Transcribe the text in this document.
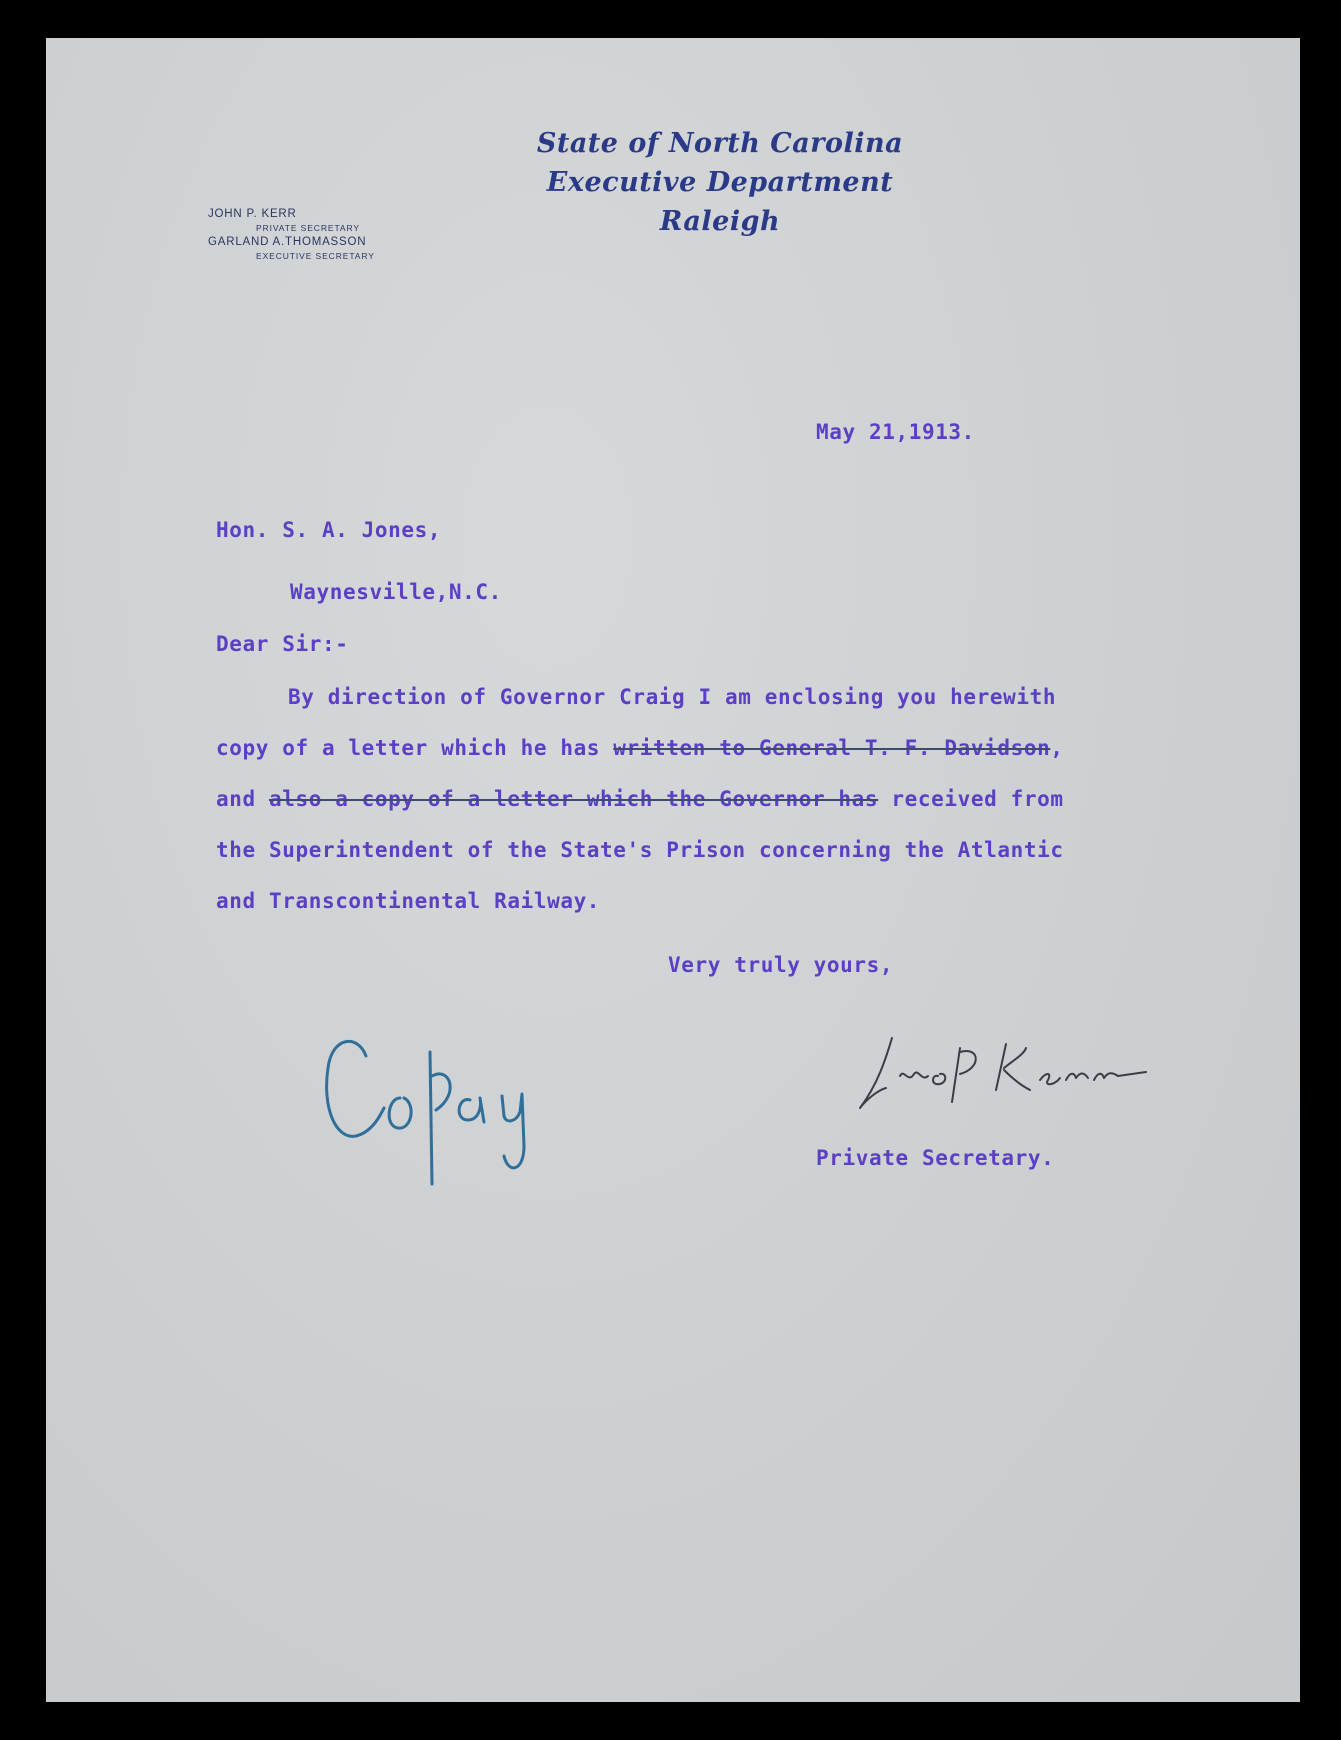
State of North Carolina
Executive Department
Raleigh
JOHN P. KERR
PRIVATE SECRETARY
GARLAND A.THOMASSON
EXECUTIVE SECRETARY
May 21,1913.
Hon. S. A. Jones,
Waynesville,N.C.
Dear Sir:-
By direction of Governor Craig I am enclosing you herewith
copy of a letter which he has written to General T. F. Davidson,
and also a copy of a letter which the Governor has received from
the Superintendent of the State's Prison concerning the Atlantic
and Transcontinental Railway.
Very truly yours,
Private Secretary.
